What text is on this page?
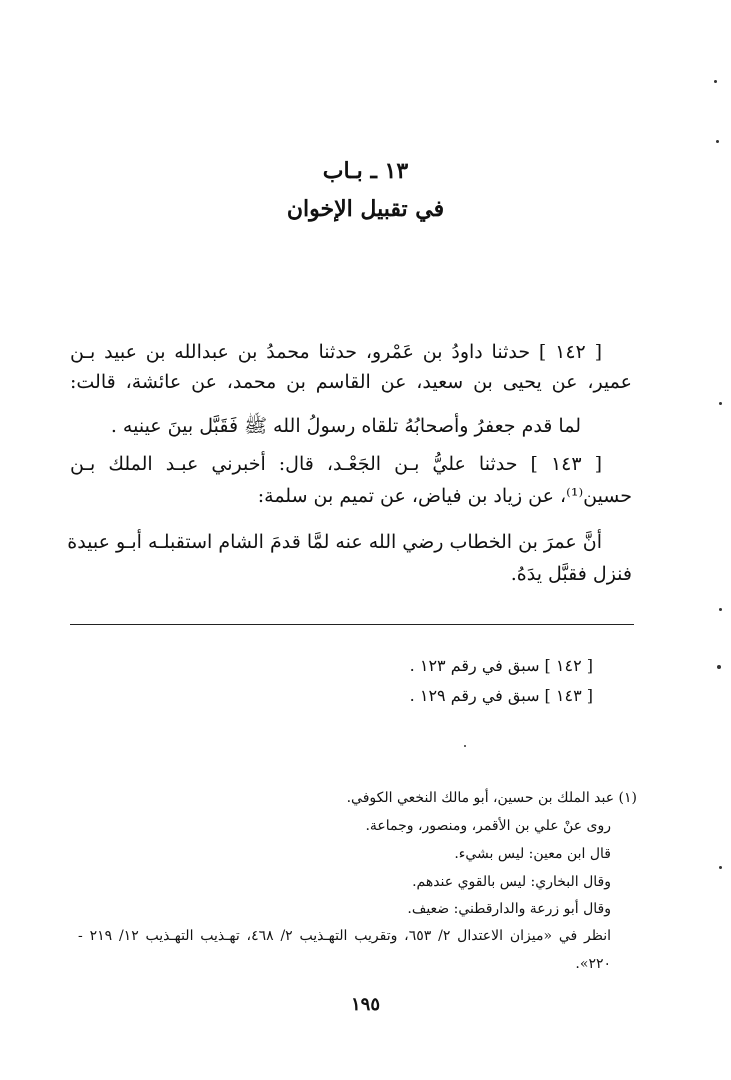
١٣ ـ بـاب
في تقبيل الإخوان
[ ١٤٢ ] حدثنا داودُ بن عَمْرو، حدثنا محمدُ بن عبدالله بن عبيد بـن
عمير، عن يحيى بن سعيد، عن القاسم بن محمد، عن عائشة، قالت:
لما قدم جعفرُ وأصحابُهُ تلقاه رسولُ الله ﷺ فَقَبَّل بينَ عينيه .
[ ١٤٣ ] حدثنا عليُّ بـن الجَعْـد، قال: أخبرني عبـد الملك بـن
حسين⁽¹⁾، عن زياد بن فياض، عن تميم بن سلمة:
أنَّ عمرَ بن الخطاب رضي الله عنه لمَّا قدمَ الشام استقبلـه أبـو عبيدة
فنزل فقبَّل يدَهُ.
[ ١٤٢ ] سبق في رقم ١٢٣ .
[ ١٤٣ ] سبق في رقم ١٢٩ .
(١) عبد الملك بن حسين، أبو مالك النخعي الكوفي.
روى عنْ علي بن الأقمر، ومنصور، وجماعة.
قال ابن معين: ليس بشيء.
وقال البخاري: ليس بالقوي عندهم.
وقال أبو زرعة والدارقطني: ضعيف.
انظر في «ميزان الاعتدال ٢/ ٦٥٣، وتقريب التهـذيب ٢/ ٤٦٨، تهـذيب التهـذيب ١٢/ ٢١٩ -
٢٢٠».
١٩٥
